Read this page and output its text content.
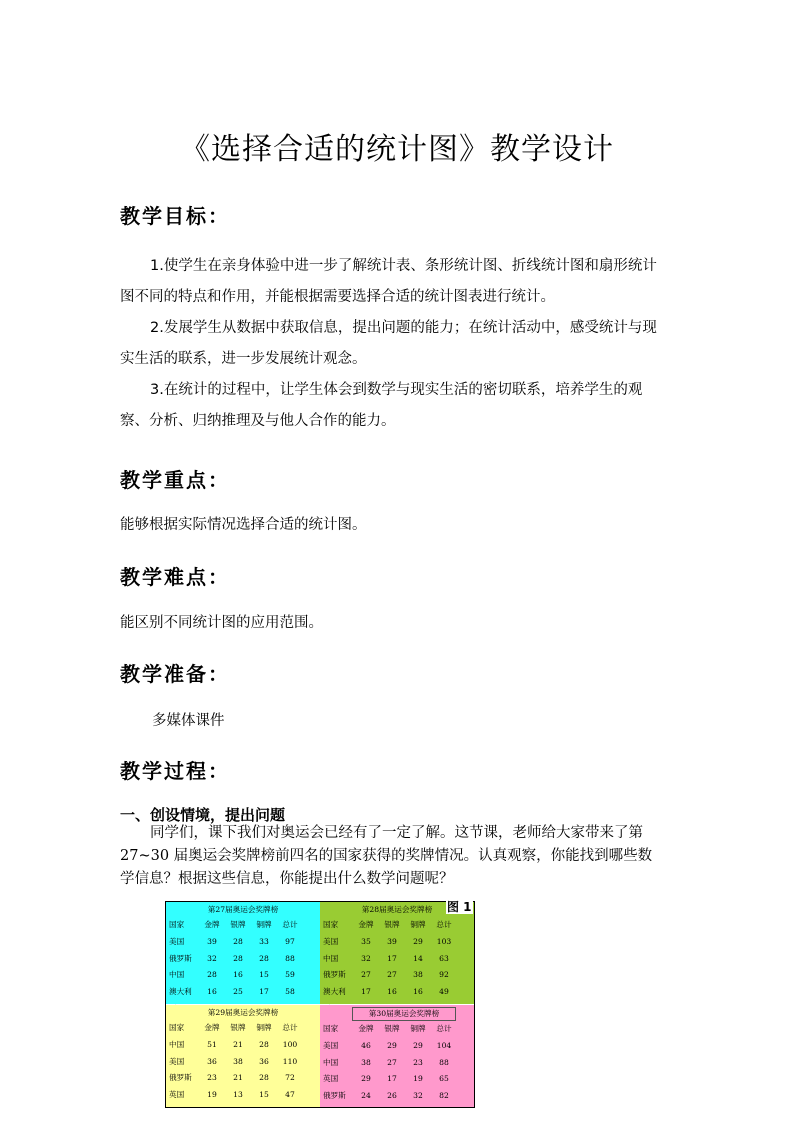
《选择合适的统计图》教学设计
教学目标：

1.使学生在亲身体验中进一步了解统计表、条形统计图、折线统计图和扇形统计图不同的特点和作用，并能根据需要选择合适的统计图表进行统计。

2.发展学生从数据中获取信息，提出问题的能力；在统计活动中，感受统计与现实生活的联系，进一步发展统计观念。

3.在统计的过程中，让学生体会到数学与现实生活的密切联系，培养学生的观察、分析、归纳推理及与他人合作的能力。

教学重点：
能够根据实际情况选择合适的统计图。
教学难点：
能区别不同统计图的应用范围。
教学准备：
多媒体课件
教学过程：
一、创设情境，提出问题

同学们，课下我们对奥运会已经有了一定了解。这节课，老师给大家带来了第 27~30 届奥运会奖牌榜前四名的国家获得的奖牌情况。认真观察，你能找到哪些数学信息？根据这些信息，你能提出什么数学问题呢？

第27届奥运会奖牌榜
国家	金牌	银牌	铜牌	总计
美国	39	28	33	97
俄罗斯	32	28	28	88
中国	28	16	15	59
澳大利	16	25	17	58
第28届奥运会奖牌榜
国家	金牌	银牌	铜牌	总计
美国	35	39	29	103
中国	32	17	14	63
俄罗斯	27	27	38	92
澳大利	17	16	16	49
第29届奥运会奖牌榜
国家	金牌	银牌	铜牌	总计
中国	51	21	28	100
美国	36	38	36	110
俄罗斯	23	21	28	72
英国	19	13	15	47
第30届奥运会奖牌榜
国家	金牌	银牌	铜牌	总计
美国	46	29	29	104
中国	38	27	23	88
英国	29	17	19	65
俄罗斯	24	26	32	82
图 1
